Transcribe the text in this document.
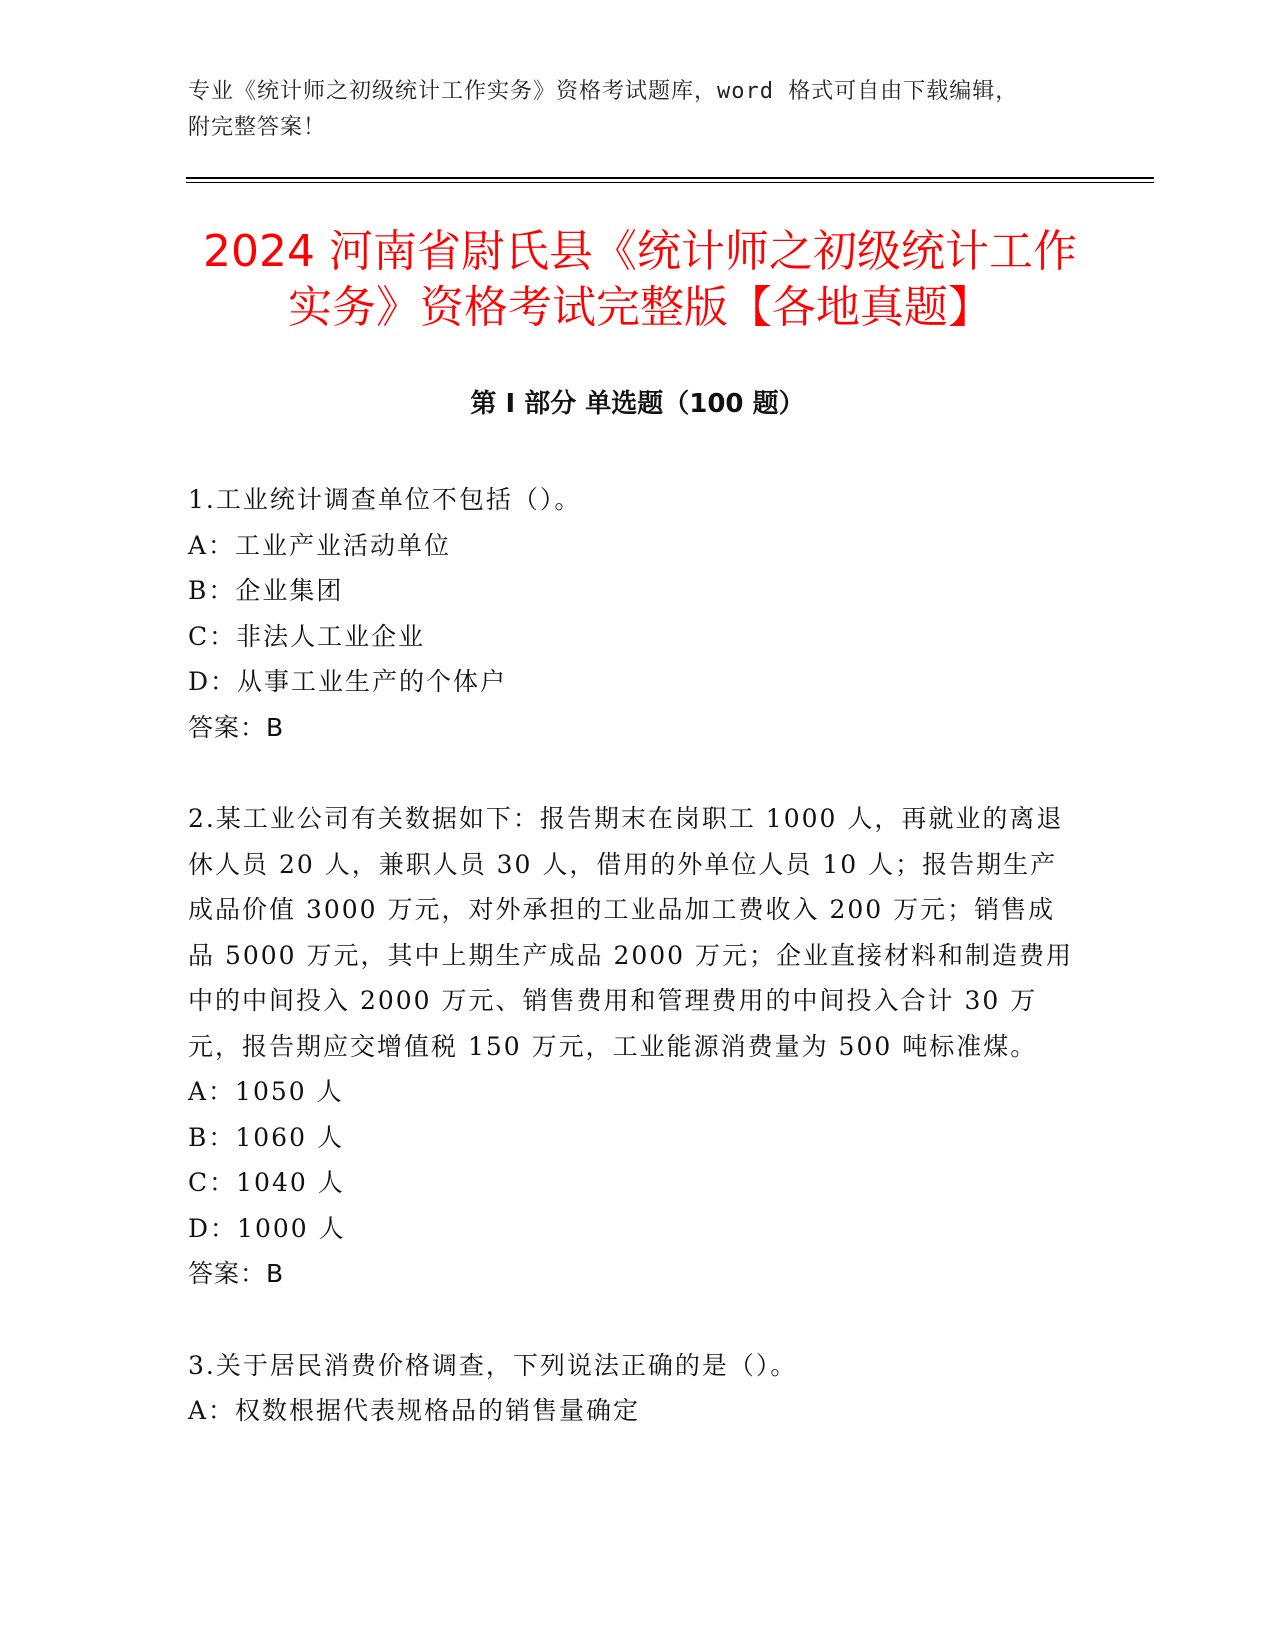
专业《统计师之初级统计工作实务》资格考试题库，word 格式可自由下载编辑，
附完整答案！
2024 河南省尉氏县《统计师之初级统计工作
实务》资格考试完整版【各地真题】
第 I 部分 单选题（100 题）

1.工业统计调查单位不包括（）。

A：工业产业活动单位

B：企业集团

C：非法人工业企业

D：从事工业生产的个体户

答案：B

2.某工业公司有关数据如下：报告期末在岗职工 1000 人，再就业的离退休人员 20 人，兼职人员 30 人，借用的外单位人员 10 人；报告期生产成品价值 3000 万元，对外承担的工业品加工费收入 200 万元；销售成品 5000 万元，其中上期生产成品 2000 万元；企业直接材料和制造费用中的中间投入 2000 万元、销售费用和管理费用的中间投入合计 30 万元，报告期应交增值税 150 万元，工业能源消费量为 500 吨标准煤。

A：1050 人

B：1060 人

C：1040 人

D：1000 人

答案：B

3.关于居民消费价格调查，下列说法正确的是（）。

A：权数根据代表规格品的销售量确定
